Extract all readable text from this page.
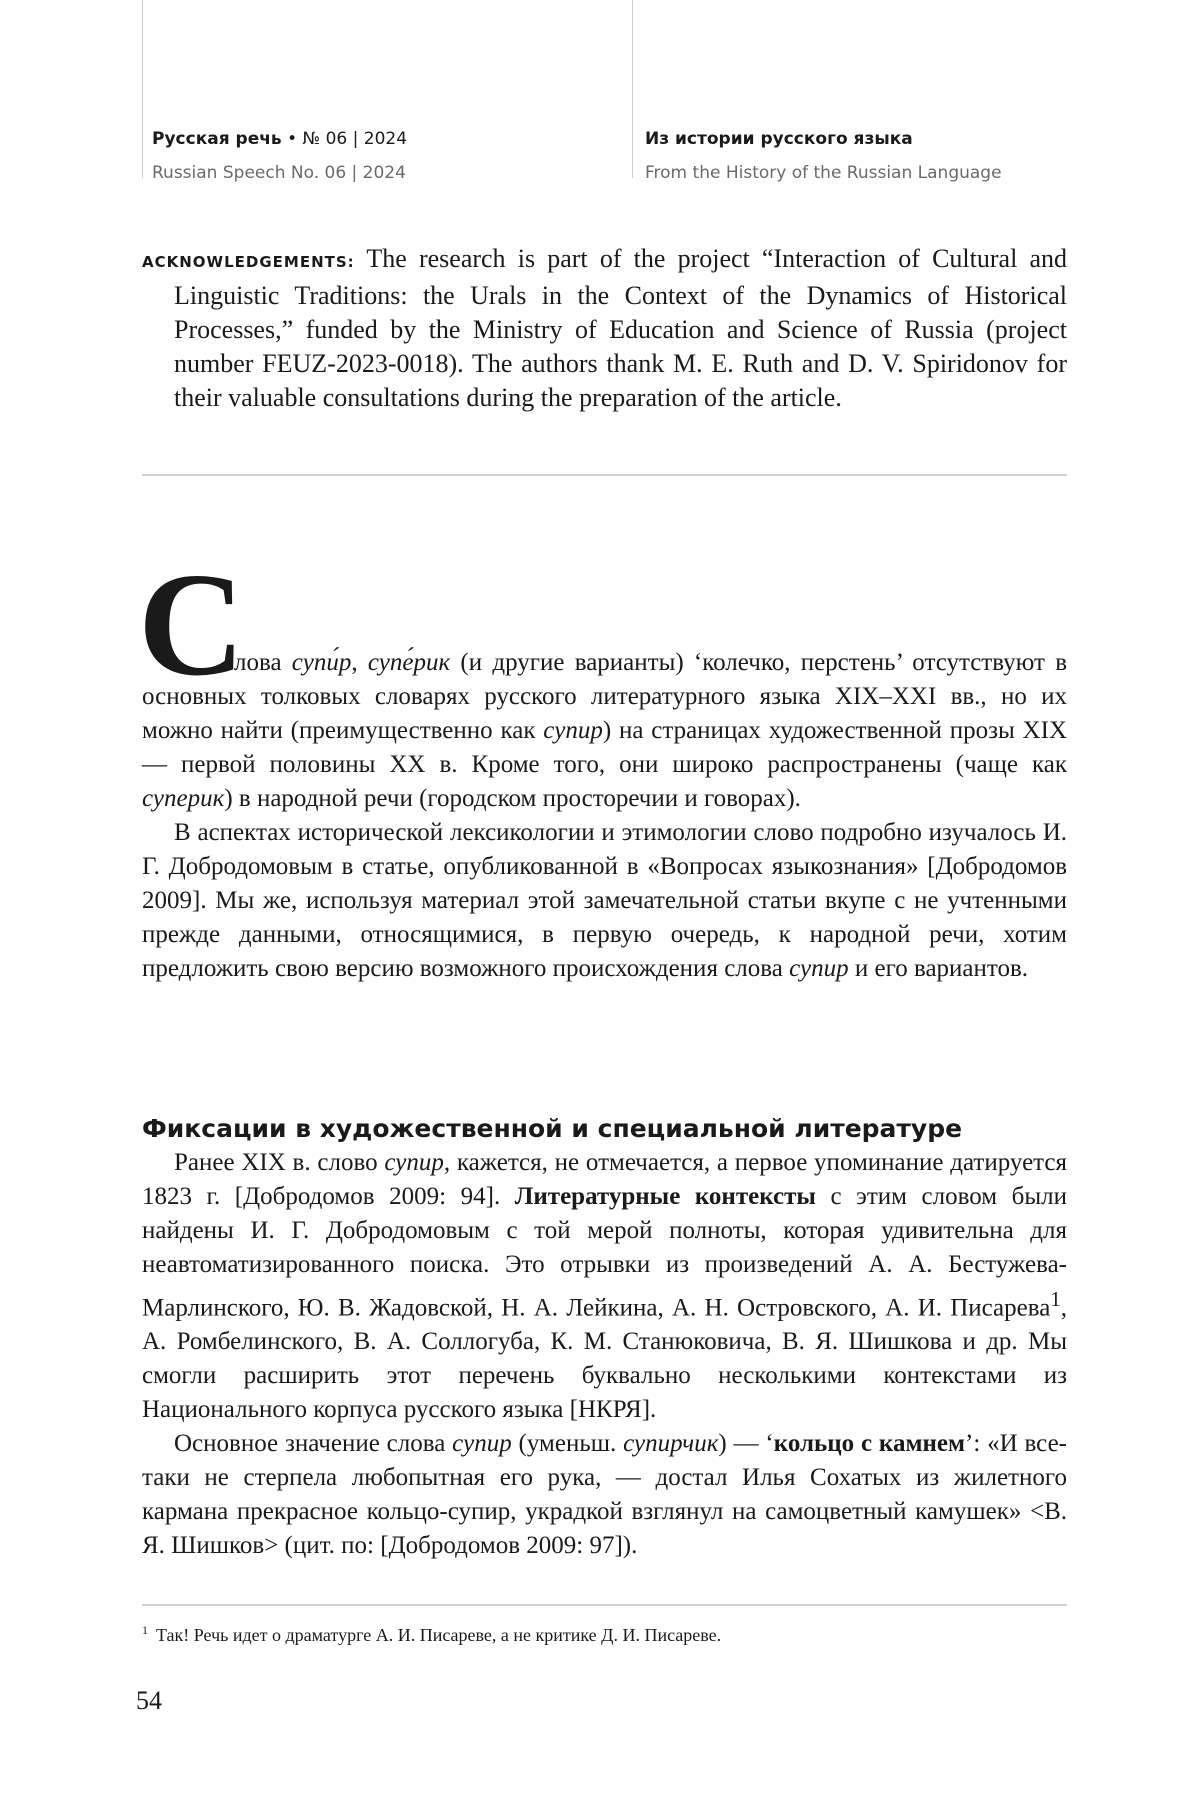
Русская речь • № 06 | 2024
Russian Speech No. 06 | 2024
Из истории русского языка
From the History of the Russian Language

ACKNOWLEDGEMENTS: The research is part of the project “Interaction of Cultural and Linguistic Traditions: the Urals in the Context of the Dynamics of Historical Processes,” funded by the Ministry of Education and Science of Russia (project number FEUZ-2023-0018). The authors thank M. E. Ruth and D. V. Spiridonov for their valuable consultations during the preparation of the article.

С

лова супи́р, супе́рик (и другие варианты) ‘колечко, перстень’ отсутствуют в основных толковых словарях русского литературного языка XIX–XXI вв., но их можно найти (преимущественно как супир) на страницах художественной прозы XIX — первой половины XX в. Кроме того, они широко распространены (чаще как суперик) в народной речи (городском просторечии и говорах).

В аспектах исторической лексикологии и этимологии слово подробно изучалось И. Г. Добродомовым в статье, опубликованной в «Вопросах языкознания» [Добродомов 2009]. Мы же, используя материал этой замечательной статьи вкупе с не учтенными прежде данными, относящимися, в первую очередь, к народной речи, хотим предложить свою версию возможного происхождения слова супир и его вариантов.

Фиксации в художественной и специальной литературе

Ранее XIX в. слово супир, кажется, не отмечается, а первое упоминание датируется 1823 г. [Добродомов 2009: 94]. Литературные контексты с этим словом были найдены И. Г. Добродомовым с той мерой полноты, которая удивительна для неавтоматизированного поиска. Это отрывки из произведений А. А. Бестужева-Марлинского, Ю. В. Жадовской, Н. А. Лейкина, А. Н. Островского, А. И. Писарева$^1$, А. Ромбелинского, В. А. Соллогуба, К. М. Станюковича, В. Я. Шишкова и др. Мы смогли расширить этот перечень буквально несколькими контекстами из Национального корпуса русского языка [НКРЯ].

Основное значение слова супир (уменьш. супирчик) — ‘кольцо с камнем’: «И все-таки не стерпела любопытная его рука, — достал Илья Сохатых из жилетного кармана прекрасное кольцо-супир, украдкой взглянул на самоцветный камушек» <В. Я. Шишков> (цит. по: [Добродомов 2009: 97]).

$^1$ Так! Речь идет о драматурге А. И. Писареве, а не критике Д. И. Писареве.
54
